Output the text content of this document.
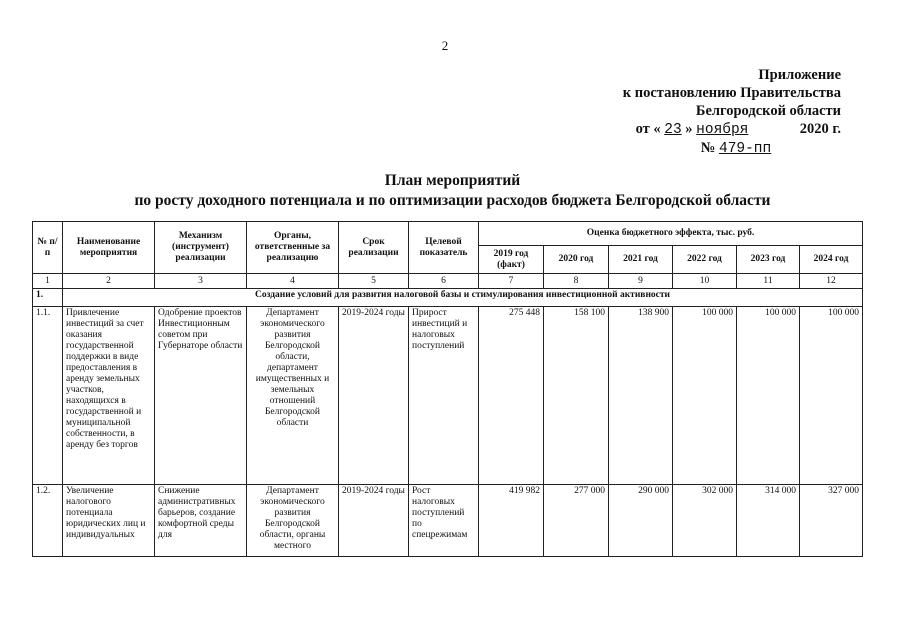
2
Приложение
к постановлению Правительства
Белгородской области
от « 23 » ноября	2020 г.
№ 479-пп
План мероприятий
по росту доходного потенциала и по оптимизации расходов бюджета Белгородской области
№ п/п	Наименование мероприятия	Механизм (инструмент) реализации	Органы, ответственные за реализацию	Срок реализации	Целевой показатель	Оценка бюджетного эффекта, тыс. руб.					
						2019 год (факт)	2020 год	2021 год	2022 год	2023 год	2024 год
1	2	3	4	5	6	7	8	9	10	11	12
1.	Создание условий для развития налоговой базы и стимулирования инвестиционной активности										
1.1.	Привлечение инвестиций за счет оказания государственной поддержки в виде предоставления в аренду земельных участков, находящихся в государственной и муниципальной собственности, в аренду без торгов	Одобрение проектов Инвестиционным советом при Губернаторе области	Департамент экономического развития Белгородской области, департамент имущественных и земельных отношений Белгородской области	2019-2024 годы	Прирост инвестиций и налоговых поступлений	275 448	158 100	138 900	100 000	100 000	100 000
1.2.	Увеличение налогового потенциала юридических лиц и индивидуальных	Снижение административных барьеров, создание комфортной среды для	Департамент экономического развития Белгородской области, органы местного	2019-2024 годы	Рост налоговых поступлений по спецрежимам	419 982	277 000	290 000	302 000	314 000	327 000
